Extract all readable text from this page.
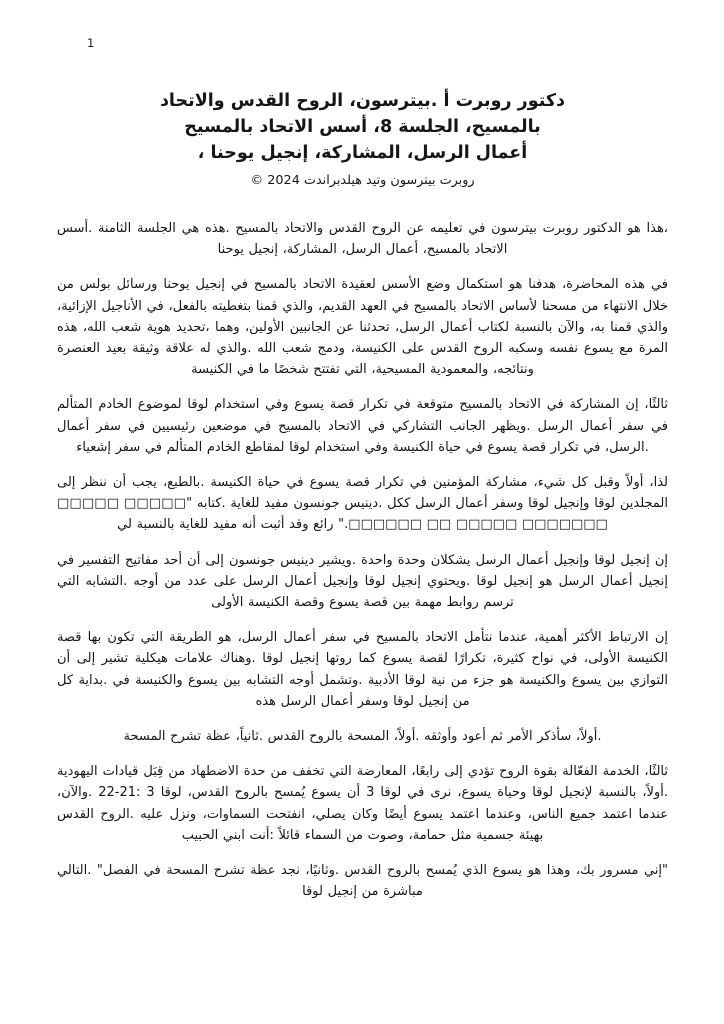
1
دكتور روبرت أ .بيترسون، الروح القدس والاتحاد
بالمسيح، الجلسة 8، أسس الاتحاد بالمسيح
أعمال الرسل، المشاركة، إنجيل يوحنا ،
روبرت بيترسون وتيد هيلدبراندت 2024 ©

،هذا هو الدكتور روبرت بيترسون في تعليمه عن الروح القدس والاتحاد بالمسيح .هذه هي الجلسة الثامنة .أسس الاتحاد بالمسيح، أعمال الرسل، المشاركة، إنجيل يوحنا

في هذه المحاضرة، هدفنا هو استكمال وضع الأسس لعقيدة الاتحاد بالمسيح في إنجيل يوحنا ورسائل بولس من خلال الانتهاء من مسحنا لأساس الاتحاد بالمسيح في العهد القديم، والذي قمنا بتغطيته بالفعل، في الأناجيل الإزائية، والذي قمنا به، والآن بالنسبة لكتاب أعمال الرسل، تحدثنا عن الجانبين الأولين، وهما ،تحديد هوية شعب الله، هذه المرة مع يسوع نفسه وسكبه الروح القدس على الكنيسة، ودمج شعب الله .والذي له علاقة وثيقة بعيد العنصرة ونتائجه، والمعمودية المسيحية، التي تفتتح شخصًا ما في الكنيسة

ثالثًا، إن المشاركة في الاتحاد بالمسيح متوقعة في تكرار قصة يسوع وفي استخدام لوقا لموضوع الخادم المتألم في سفر أعمال الرسل .ويظهر الجانب التشاركي في الاتحاد بالمسيح في موضعين رئيسيين في سفر أعمال .الرسل، في تكرار قصة يسوع في حياة الكنيسة وفي استخدام لوقا لمقاطع الخادم المتألم في سفر إشعياء

لذا، أولاً وقبل كل شيء، مشاركة المؤمنين في تكرار قصة يسوع في حياة الكنيسة .بالطبع، يجب أن ننظر إلى المجلدين لوقا وإنجيل لوقا وسفر أعمال الرسل ككل .دينيس جونسون مفيد للغاية .كتابه "□□□□□ □□□□□ □□□□□□□ □□□□□ □□ □□□□□□." رائع وقد أثبت أنه مفيد للغاية بالنسبة لي

إن إنجيل لوقا وإنجيل أعمال الرسل يشكلان وحدة واحدة .ويشير دينيس جونسون إلى أن أحد مفاتيح التفسير في إنجيل أعمال الرسل هو إنجيل لوقا .ويحتوي إنجيل لوقا وإنجيل أعمال الرسل على عدد من أوجه .التشابه التي ترسم روابط مهمة بين قصة يسوع وقصة الكنيسة الأولى

إن الارتباط الأكثر أهمية، عندما نتأمل الاتحاد بالمسيح في سفر أعمال الرسل، هو الطريقة التي تكون بها قصة الكنيسة الأولى، في نواح كثيرة، تكرارًا لقصة يسوع كما روتها إنجيل لوقا .وهناك علامات هيكلية تشير إلى أن التوازي بين يسوع والكنيسة هو جزء من نية لوقا الأدبية .وتشمل أوجه التشابه بين يسوع والكنيسة في .بداية كل من إنجيل لوقا وسفر أعمال الرسل هذه

.أولاً، سأذكر الأمر ثم أعود وأوثقه .أولاً، المسحة بالروح القدس .ثانياً، عظة تشرح المسحة

ثالثًا، الخدمة الفعّالة بقوة الروح تؤدي إلى رابعًا، المعارضة التي تخفف من حدة الاضطهاد من قِبَل قيادات اليهودية .أولاً، بالنسبة لإنجيل لوقا وحياة يسوع، نرى في لوقا 3 أن يسوع يُمسح بالروح القدس، لوقا 3 :21-22 .والآن، عندما اعتمد جميع الناس، وعندما اعتمد يسوع أيضًا وكان يصلي، انفتحت السماوات، ونزل عليه .الروح القدس بهيئة جسمية مثل حمامة، وصوت من السماء قائلاً :أنت ابني الحبيب

"إني مسرور بك، وهذا هو يسوع الذي يُمسح بالروح القدس .وثانيًا، نجد عظة تشرح المسحة في الفصل" .التالي مباشرة من إنجيل لوقا
